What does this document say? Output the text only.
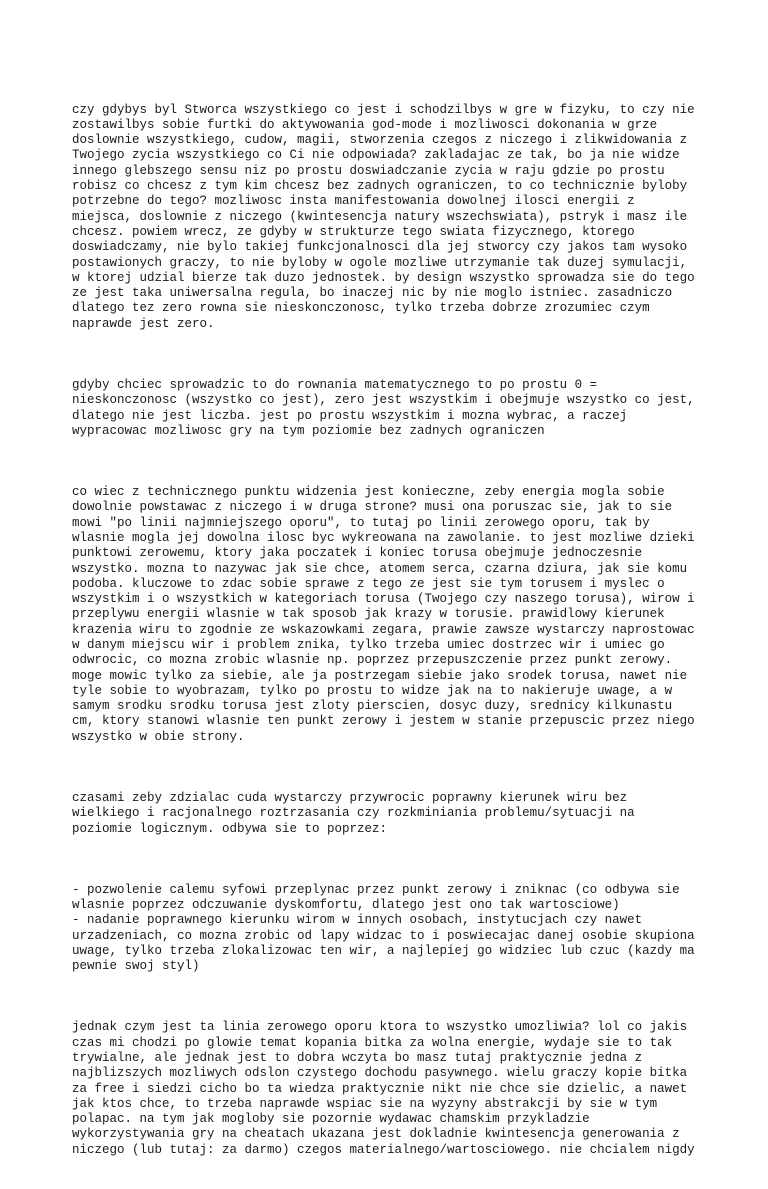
czy gdybys byl Stworca wszystkiego co jest i schodzilbys w gre w fizyku, to czy nie
zostawilbys sobie furtki do aktywowania god-mode i mozliwosci dokonania w grze
doslownie wszystkiego, cudow, magii, stworzenia czegos z niczego i zlikwidowania z
Twojego zycia wszystkiego co Ci nie odpowiada? zakladajac ze tak, bo ja nie widze
innego glebszego sensu niz po prostu doswiadczanie zycia w raju gdzie po prostu
robisz co chcesz z tym kim chcesz bez zadnych ograniczen, to co technicznie byloby
potrzebne do tego? mozliwosc insta manifestowania dowolnej ilosci energii z
miejsca, doslownie z niczego (kwintesencja natury wszechswiata), pstryk i masz ile
chcesz. powiem wrecz, ze gdyby w strukturze tego swiata fizycznego, ktorego
doswiadczamy, nie bylo takiej funkcjonalnosci dla jej stworcy czy jakos tam wysoko
postawionych graczy, to nie byloby w ogole mozliwe utrzymanie tak duzej symulacji,
w ktorej udzial bierze tak duzo jednostek. by design wszystko sprowadza sie do tego
ze jest taka uniwersalna regula, bo inaczej nic by nie moglo istniec. zasadniczo
dlatego tez zero rowna sie nieskonczonosc, tylko trzeba dobrze zrozumiec czym
naprawde jest zero.

gdyby chciec sprowadzic to do rownania matematycznego to po prostu 0 =
nieskonczonosc (wszystko co jest), zero jest wszystkim i obejmuje wszystko co jest,
dlatego nie jest liczba. jest po prostu wszystkim i mozna wybrac, a raczej
wypracowac mozliwosc gry na tym poziomie bez zadnych ograniczen

co wiec z technicznego punktu widzenia jest konieczne, zeby energia mogla sobie
dowolnie powstawac z niczego i w druga strone? musi ona poruszac sie, jak to sie
mowi "po linii najmniejszego oporu", to tutaj po linii zerowego oporu, tak by
wlasnie mogla jej dowolna ilosc byc wykreowana na zawolanie. to jest mozliwe dzieki
punktowi zerowemu, ktory jaka poczatek i koniec torusa obejmuje jednoczesnie
wszystko. mozna to nazywac jak sie chce, atomem serca, czarna dziura, jak sie komu
podoba. kluczowe to zdac sobie sprawe z tego ze jest sie tym torusem i myslec o
wszystkim i o wszystkich w kategoriach torusa (Twojego czy naszego torusa), wirow i
przeplywu energii wlasnie w tak sposob jak krazy w torusie. prawidlowy kierunek
krazenia wiru to zgodnie ze wskazowkami zegara, prawie zawsze wystarczy naprostowac
w danym miejscu wir i problem znika, tylko trzeba umiec dostrzec wir i umiec go
odwrocic, co mozna zrobic wlasnie np. poprzez przepuszczenie przez punkt zerowy.
moge mowic tylko za siebie, ale ja postrzegam siebie jako srodek torusa, nawet nie
tyle sobie to wyobrazam, tylko po prostu to widze jak na to nakieruje uwage, a w
samym srodku srodku torusa jest zloty pierscien, dosyc duzy, srednicy kilkunastu
cm, ktory stanowi wlasnie ten punkt zerowy i jestem w stanie przepuscic przez niego
wszystko w obie strony.

czasami zeby zdzialac cuda wystarczy przywrocic poprawny kierunek wiru bez
wielkiego i racjonalnego roztrzasania czy rozkminiania problemu/sytuacji na
poziomie logicznym. odbywa sie to poprzez:

- pozwolenie calemu syfowi przeplynac przez punkt zerowy i zniknac (co odbywa sie
wlasnie poprzez odczuwanie dyskomfortu, dlatego jest ono tak wartosciowe)
- nadanie poprawnego kierunku wirom w innych osobach, instytucjach czy nawet
urzadzeniach, co mozna zrobic od lapy widzac to i poswiecajac danej osobie skupiona
uwage, tylko trzeba zlokalizowac ten wir, a najlepiej go widziec lub czuc (kazdy ma
pewnie swoj styl)

jednak czym jest ta linia zerowego oporu ktora to wszystko umozliwia? lol co jakis
czas mi chodzi po glowie temat kopania bitka za wolna energie, wydaje sie to tak
trywialne, ale jednak jest to dobra wczyta bo masz tutaj praktycznie jedna z
najblizszych mozliwych odslon czystego dochodu pasywnego. wielu graczy kopie bitka
za free i siedzi cicho bo ta wiedza praktycznie nikt nie chce sie dzielic, a nawet
jak ktos chce, to trzeba naprawde wspiac sie na wyzyny abstrakcji by sie w tym
polapac. na tym jak mogloby sie pozornie wydawac chamskim przykladzie
wykorzystywania gry na cheatach ukazana jest dokladnie kwintesencja generowania z
niczego (lub tutaj: za darmo) czegos materialnego/wartosciowego. nie chcialem nigdy
